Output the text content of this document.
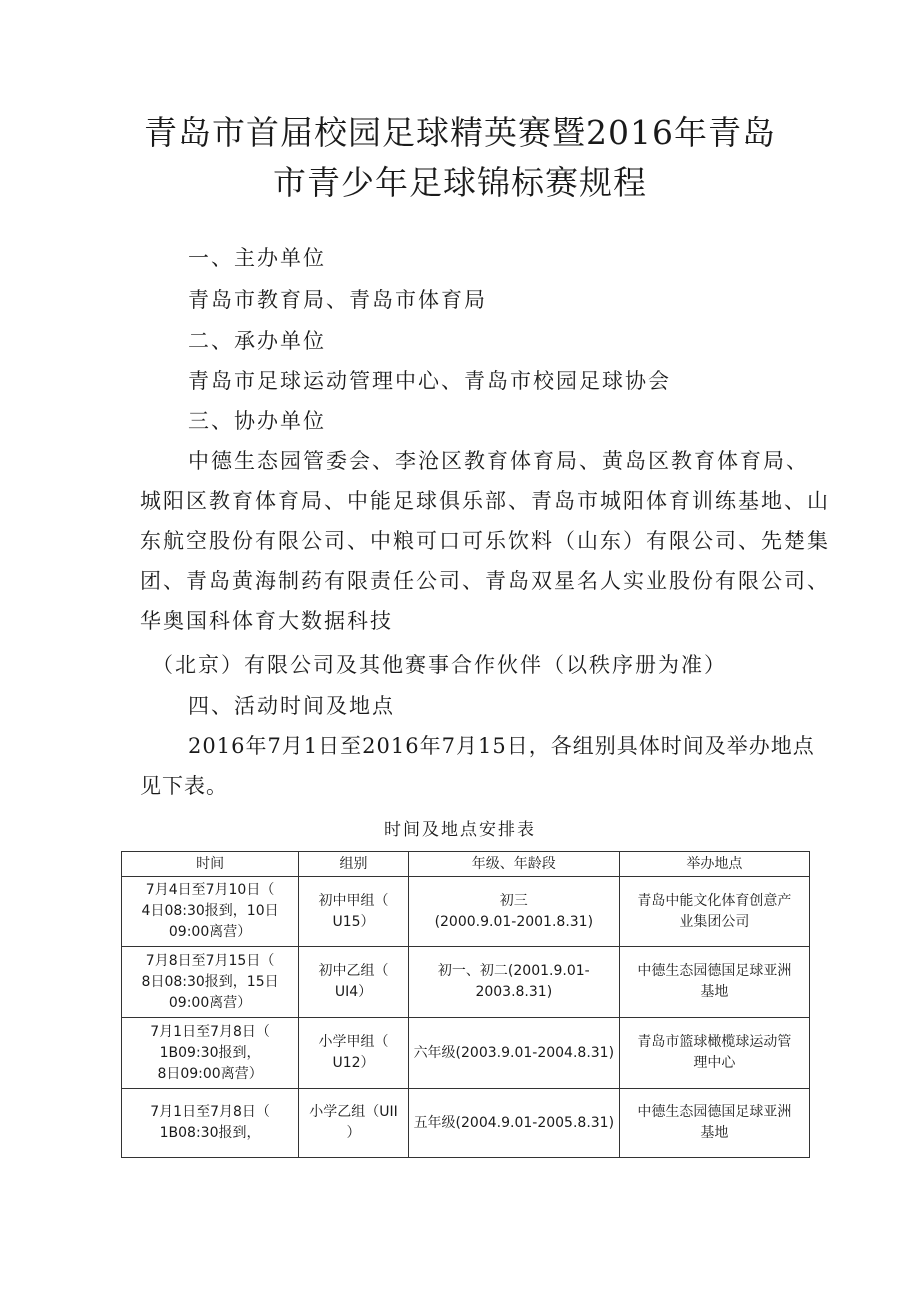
青岛市首届校园足球精英赛暨2016年青岛
市青少年足球锦标赛规程

一、主办单位

青岛市教育局、青岛市体育局

二、承办单位

青岛市足球运动管理中心、青岛市校园足球协会

三、协办单位

中德生态园管委会、李沧区教育体育局、黄岛区教育体育局、城阳区教育体育局、中能足球俱乐部、青岛市城阳体育训练基地、山东航空股份有限公司、中粮可口可乐饮料（山东）有限公司、先楚集团、青岛黄海制药有限责任公司、青岛双星名人实业股份有限公司、华奥国科体育大数据科技

（北京）有限公司及其他赛事合作伙伴（以秩序册为准）

四、活动时间及地点

2016年7月1日至2016年7月15日，各组别具体时间及举办地点见下表。

时间及地点安排表
时间	组别	年级、年龄段	举办地点

7月4日至7月10日（
4日08:30报到，10日
09:00离营）	初中甲组（
U15）	初三
(2000.9.01-2001.8.31)	青岛中能文化体育创意产
业集团公司

7月8日至7月15日（
8日08:30报到，15日
09:00离营）	初中乙组（
UI4）	初一、初二(2001.9.01-
2003.8.31)	中德生态园德国足球亚洲
基地

7月1日至7月8日（
1B09:30报到，
8日09:00离营）	小学甲组（
U12）	六年级(2003.9.01-2004.8.31)	青岛市篮球橄榄球运动管
理中心

7月1日至7月8日（
1B08:30报到，	小学乙组（UII
）	五年级(2004.9.01-2005.8.31)	中德生态园德国足球亚洲
基地
